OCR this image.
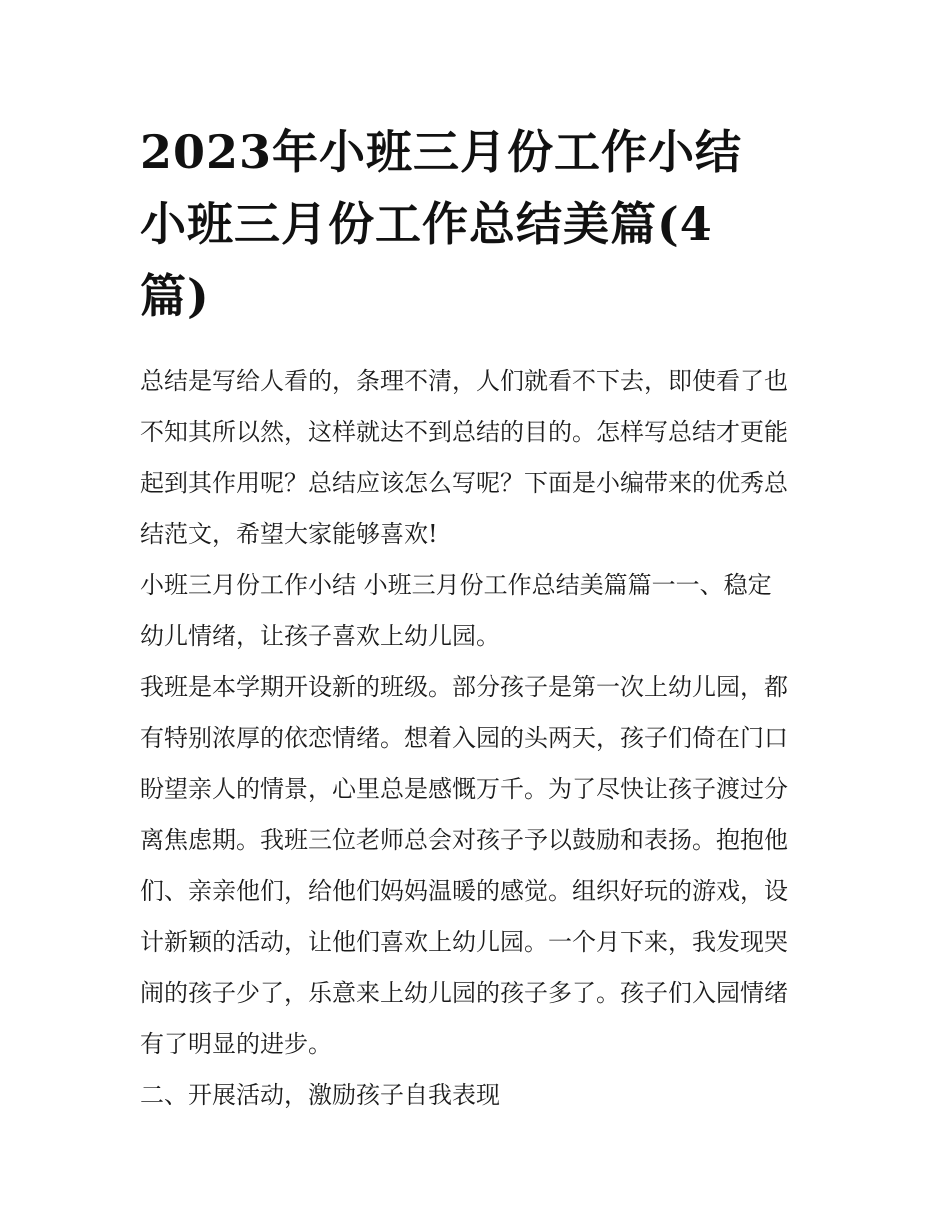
2023年小班三月份工作小结
小班三月份工作总结美篇(4
篇)
总结是写给人看的，条理不清，人们就看不下去，即使看了也
不知其所以然，这样就达不到总结的目的。怎样写总结才更能
起到其作用呢？总结应该怎么写呢？下面是小编带来的优秀总
结范文，希望大家能够喜欢!
小班三月份工作小结 小班三月份工作总结美篇篇一一、稳定
幼儿情绪，让孩子喜欢上幼儿园。
我班是本学期开设新的班级。部分孩子是第一次上幼儿园，都
有特别浓厚的依恋情绪。想着入园的头两天，孩子们倚在门口
盼望亲人的情景，心里总是感慨万千。为了尽快让孩子渡过分
离焦虑期。我班三位老师总会对孩子予以鼓励和表扬。抱抱他
们、亲亲他们，给他们妈妈温暖的感觉。组织好玩的游戏，设
计新颖的活动，让他们喜欢上幼儿园。一个月下来，我发现哭
闹的孩子少了，乐意来上幼儿园的孩子多了。孩子们入园情绪
有了明显的进步。
二、开展活动，激励孩子自我表现
